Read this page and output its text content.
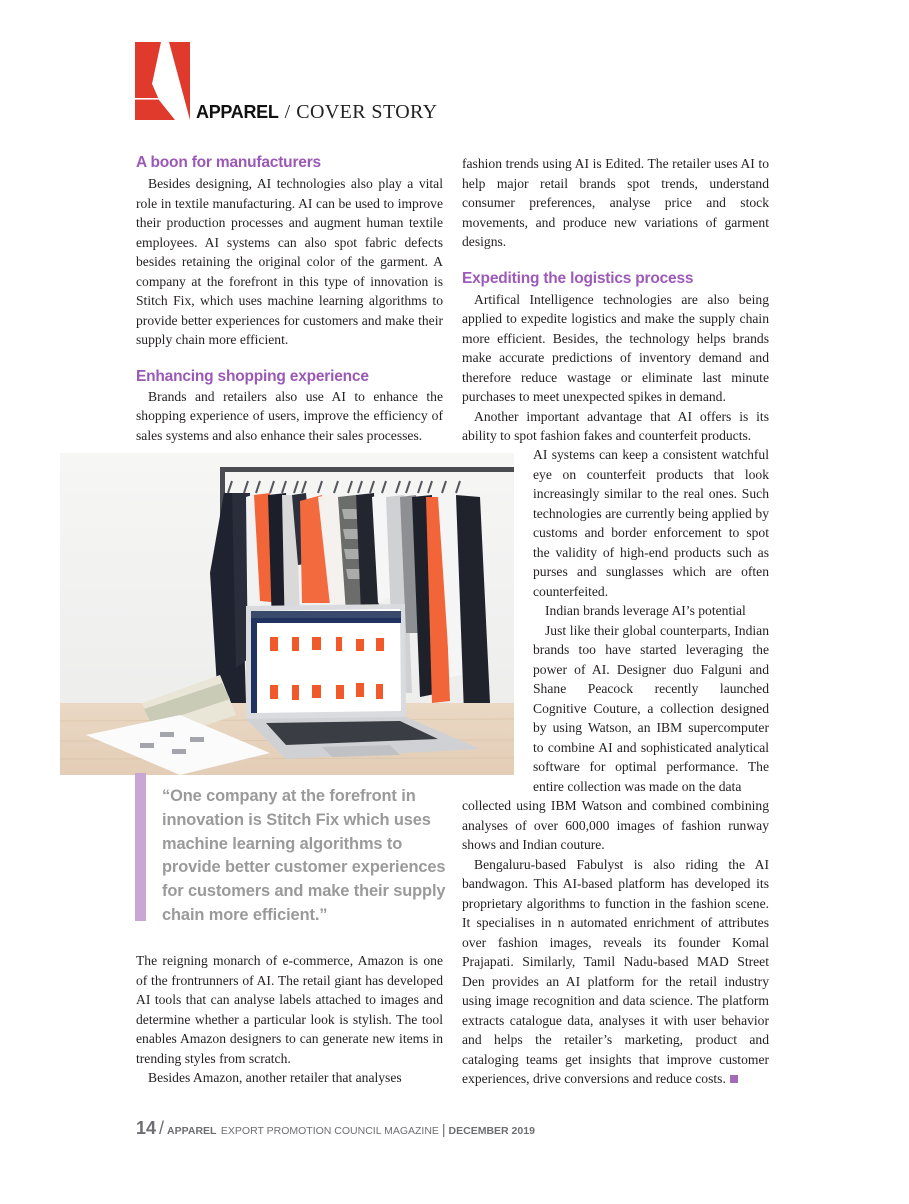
APPAREL / COVER STORY
A boon for manufacturers

Besides designing, AI technologies also play a vital role in textile manufacturing. AI can be used to improve their production processes and augment human textile employees. AI systems can also spot fabric defects besides retaining the original color of the garment. A company at the forefront in this type of innovation is Stitch Fix, which uses machine learning algorithms to provide better experiences for customers and make their supply chain more efficient.

Enhancing shopping experience

Brands and retailers also use AI to enhance the shopping experience of users, improve the efficiency of sales systems and also enhance their sales processes.

fashion trends using AI is Edited. The retailer uses AI to help major retail brands spot trends, understand consumer preferences, analyse price and stock movements, and produce new variations of garment designs.

Expediting the logistics process

Artifical Intelligence technologies are also being applied to expedite logistics and make the supply chain more efficient. Besides, the technology helps brands make accurate predictions of inventory demand and therefore reduce wastage or eliminate last minute purchases to meet unexpected spikes in demand.

Another important advantage that AI offers is its ability to spot fashion fakes and counterfeit products.

AI systems can keep a consistent watchful eye on counterfeit products that look increasingly similar to the real ones. Such technologies are currently being applied by customs and border enforcement to spot the validity of high-end products such as purses and sunglasses which are often counterfeited.

Indian brands leverage AI’s potential

Just like their global counterparts, Indian brands too have started leveraging the power of AI. Designer duo Falguni and Shane Peacock recently launched Cognitive Couture, a collection designed by using Watson, an IBM supercomputer to combine AI and sophisticated analytical software for optimal performance. The entire collection was made on the data

collected using IBM Watson and combined combining analyses of over 600,000 images of fashion runway shows and Indian couture.

Bengaluru-based Fabulyst is also riding the AI bandwagon. This AI-based platform has developed its proprietary algorithms to function in the fashion scene. It specialises in n automated enrichment of attributes over fashion images, reveals its founder Komal Prajapati. Similarly, Tamil Nadu-based MAD Street Den provides an AI platform for the retail industry using image recognition and data science. The platform extracts catalogue data, analyses it with user behavior and helps the retailer’s marketing, product and cataloging teams get insights that improve customer experiences, drive conversions and reduce costs.

“One company at the forefront in innovation is Stitch Fix which uses machine learning algorithms to provide better customer experiences for customers and make their supply chain more efficient.”

The reigning monarch of e-commerce, Amazon is one of the frontrunners of AI. The retail giant has developed AI tools that can analyse labels attached to images and determine whether a particular look is stylish. The tool enables Amazon designers to can generate new items in trending styles from scratch.

Besides Amazon, another retailer that analyses

14 / APPAREL EXPORT PROMOTION COUNCIL MAGAZINE | DECEMBER 2019
